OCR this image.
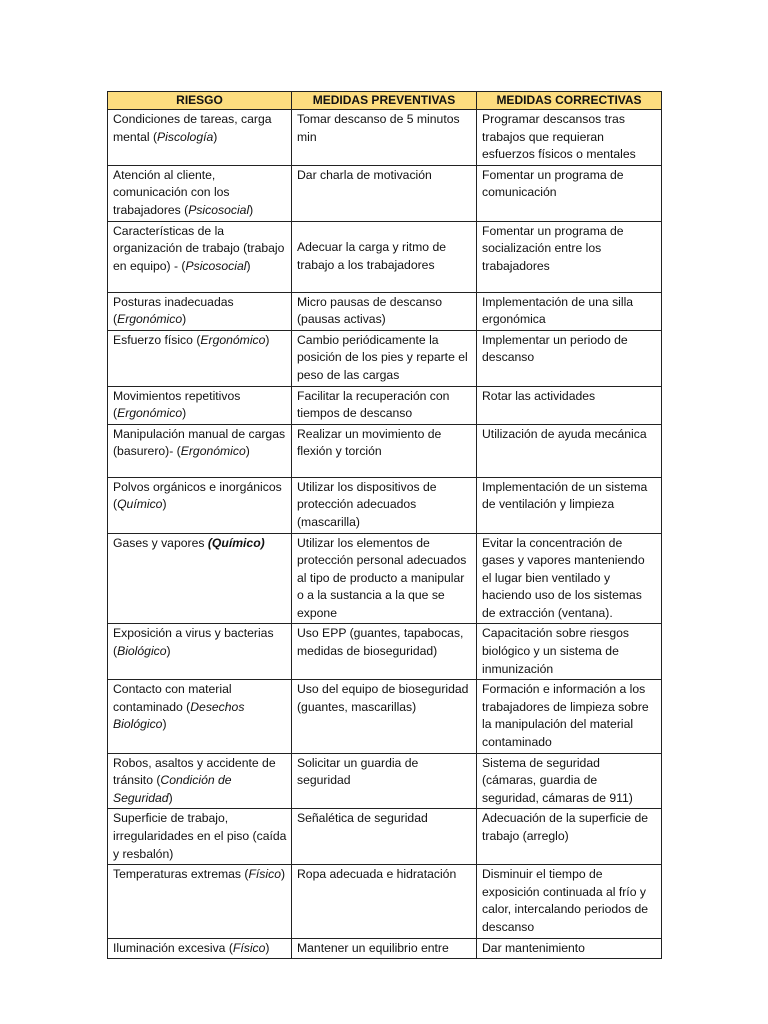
RIESGO	MEDIDAS PREVENTIVAS	MEDIDAS CORRECTIVAS
Condiciones de tareas, carga mental (Piscología)	Tomar descanso de 5 minutos min	Programar descansos tras trabajos que requieran esfuerzos físicos o mentales
Atención al cliente, comunicación con los trabajadores (Psicosocial)	Dar charla de motivación	Fomentar un programa de comunicación
Características de la organización de trabajo (trabajo en equipo) - (Psicosocial)	Adecuar la carga y ritmo de trabajo a los trabajadores	Fomentar un programa de socialización entre los trabajadores
Posturas inadecuadas (Ergonómico)	Micro pausas de descanso (pausas activas)	Implementación de una silla ergonómica
Esfuerzo físico (Ergonómico)	Cambio periódicamente la posición de los pies y reparte el peso de las cargas	Implementar un periodo de descanso
Movimientos repetitivos (Ergonómico)	Facilitar la recuperación con tiempos de descanso	Rotar las actividades
Manipulación manual de cargas (basurero)- (Ergonómico)	Realizar un movimiento de flexión y torción	Utilización de ayuda mecánica
Polvos orgánicos e inorgánicos (Químico)	Utilizar los dispositivos de protección adecuados (mascarilla)	Implementación de un sistema de ventilación y limpieza
Gases y vapores (Químico)	Utilizar los elementos de protección personal adecuados al tipo de producto a manipular o a la sustancia a la que se expone	Evitar la concentración de gases y vapores manteniendo el lugar bien ventilado y haciendo uso de los sistemas de extracción (ventana).
Exposición a virus y bacterias (Biológico)	Uso EPP (guantes, tapabocas, medidas de bioseguridad)	Capacitación sobre riesgos biológico y un sistema de inmunización
Contacto con material contaminado (Desechos Biológico)	Uso del equipo de bioseguridad (guantes, mascarillas)	Formación e información a los trabajadores de limpieza sobre la manipulación del material contaminado
Robos, asaltos y accidente de tránsito (Condición de Seguridad)	Solicitar un guardia de seguridad	Sistema de seguridad (cámaras, guardia de seguridad, cámaras de 911)
Superficie de trabajo, irregularidades en el piso (caída y resbalón)	Señalética de seguridad	Adecuación de la superficie de trabajo (arreglo)
Temperaturas extremas (Físico)	Ropa adecuada e hidratación	Disminuir el tiempo de exposición continuada al frío y calor, intercalando periodos de descanso
Iluminación excesiva (Físico)	Mantener un equilibrio entre	Dar mantenimiento
